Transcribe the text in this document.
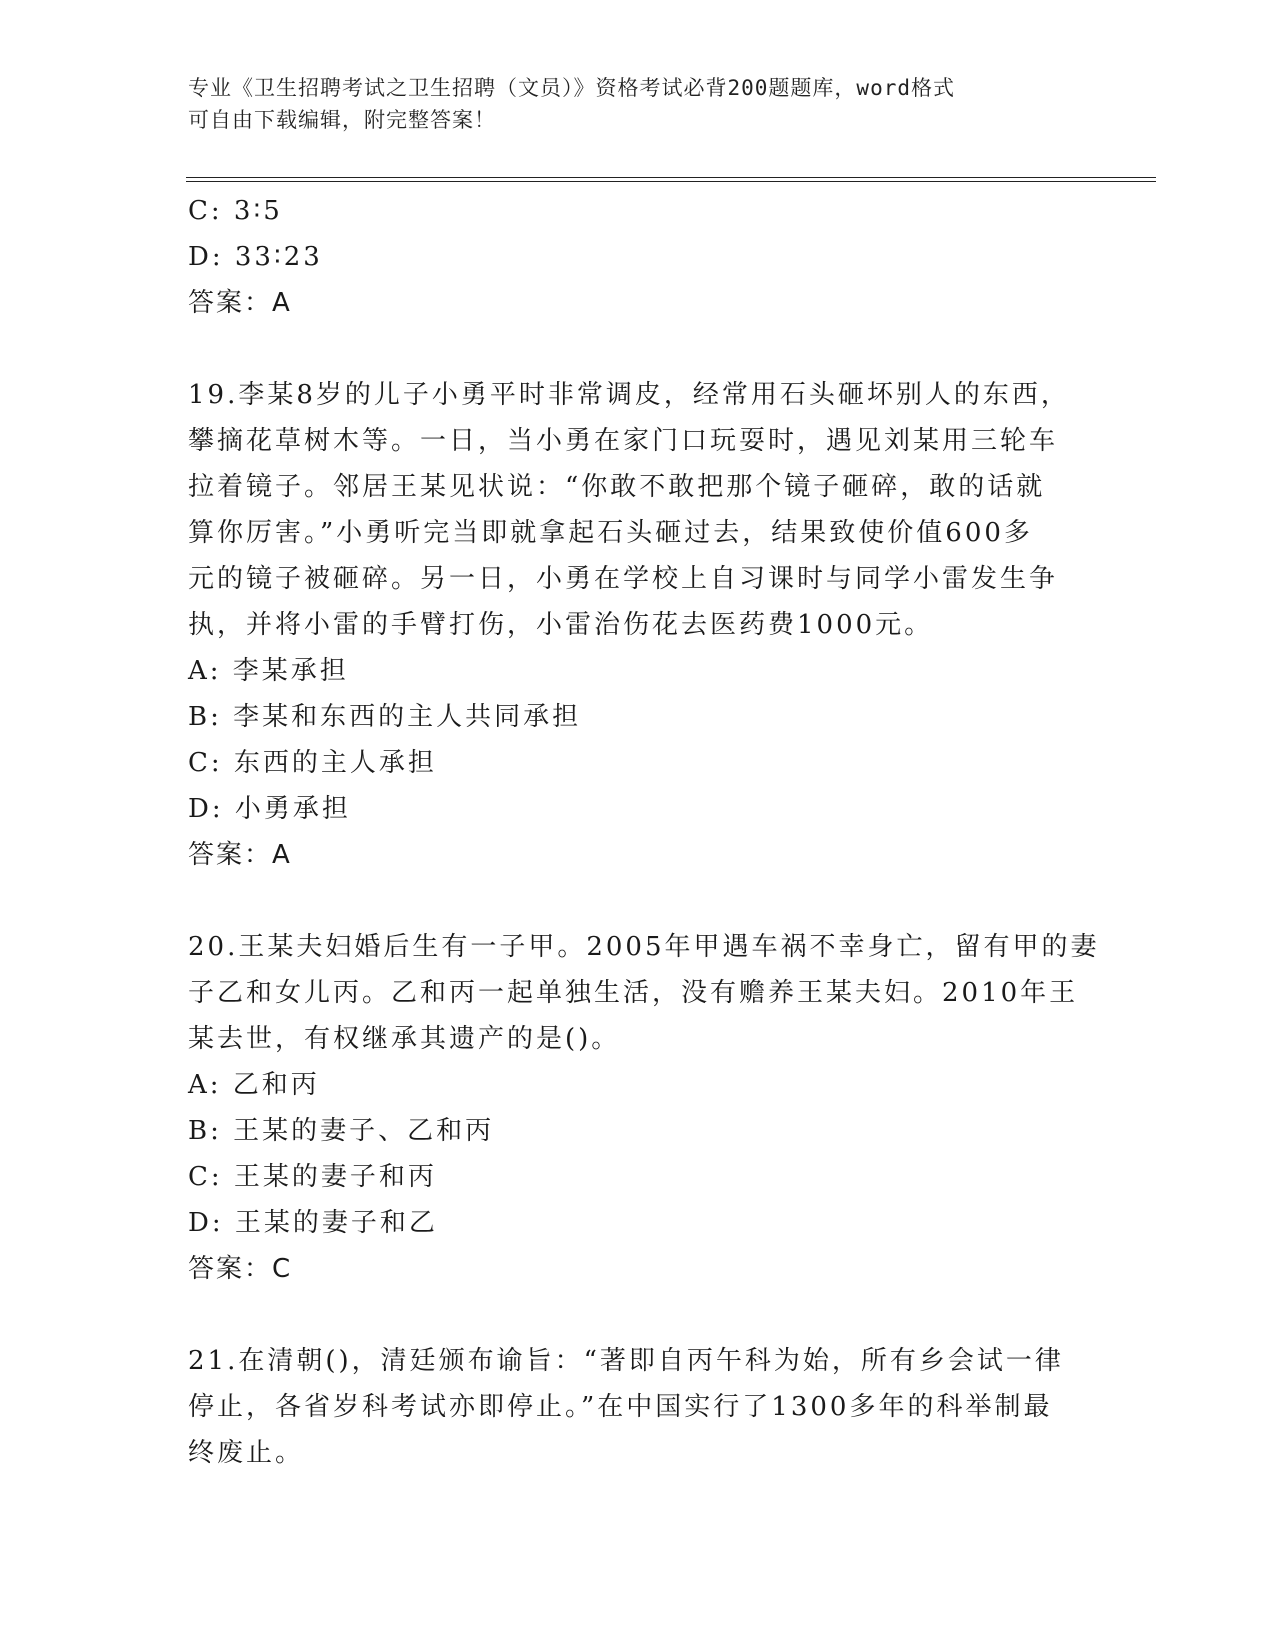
专业《卫生招聘考试之卫生招聘（文员）》资格考试必背200题题库，word格式
可自由下载编辑，附完整答案！
C: 3∶5
D: 33∶23
答案：A
19.李某8岁的儿子小勇平时非常调皮，经常用石头砸坏别人的东西，
攀摘花草树木等。一日，当小勇在家门口玩耍时，遇见刘某用三轮车
拉着镜子。邻居王某见状说：“你敢不敢把那个镜子砸碎，敢的话就
算你厉害。”小勇听完当即就拿起石头砸过去，结果致使价值600多
元的镜子被砸碎。另一日，小勇在学校上自习课时与同学小雷发生争
执，并将小雷的手臂打伤，小雷治伤花去医药费1000元。
A: 李某承担
B: 李某和东西的主人共同承担
C: 东西的主人承担
D: 小勇承担
答案：A
20.王某夫妇婚后生有一子甲。2005年甲遇车祸不幸身亡，留有甲的妻
子乙和女儿丙。乙和丙一起单独生活，没有赡养王某夫妇。2010年王
某去世，有权继承其遗产的是()。
A: 乙和丙
B: 王某的妻子、乙和丙
C: 王某的妻子和丙
D: 王某的妻子和乙
答案：C
21.在清朝()，清廷颁布谕旨：“著即自丙午科为始，所有乡会试一律
停止，各省岁科考试亦即停止。”在中国实行了1300多年的科举制最
终废止。
